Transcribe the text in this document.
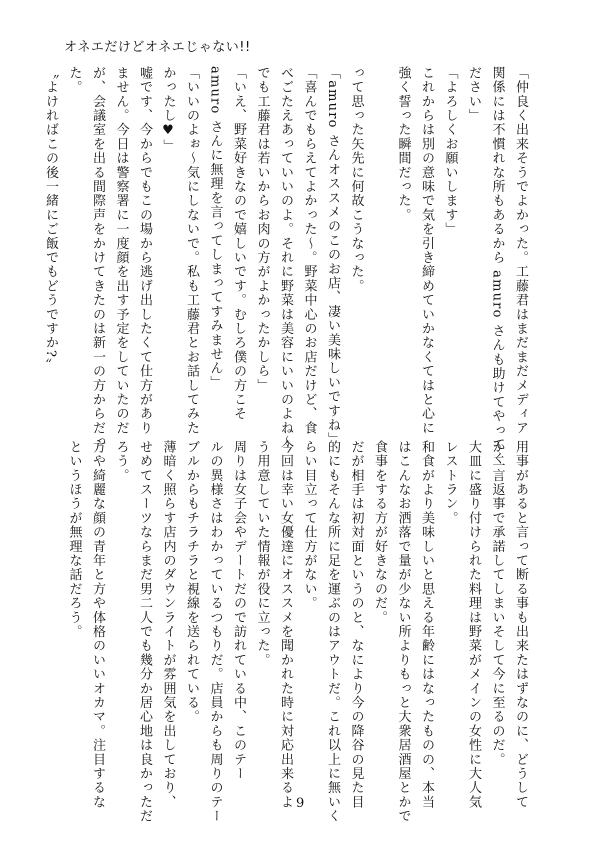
オネエだけどオネエじゃない!!
「仲良く出来そうでよかった。工藤君はまだまだメディア
関係には不慣れな所もあるから amuro さんも助けてやってく
ださい」
「よろしくお願いします」
これからは別の意味で気を引き締めていかなくてはと心に
強く誓った瞬間だった。
って思った矢先に何故こうなった。
「amuro さんオススメのこのお店、凄い美味しいですね」
「喜んでもらえてよかった〜。野菜中心のお店だけど、食
べごたえあっていいのよ。それに野菜は美容にいいのよね〜
でも工藤君は若いからお肉の方がよかったかしら」
「いえ、野菜好きなので嬉しいです。むしろ僕の方こそ
amuro さんに無理を言ってしまってすみません」
「いいのよぉ〜気にしないで。私も工藤君とお話してみた
かったし♥」
嘘です、今からでもこの場から逃げ出したくて仕方があり
ません。今日は警察署に一度顔を出す予定をしていたのだ
が、会議室を出る間際声をかけてきたのは新一の方からだっ
た。
〝よければこの後一緒にご飯でもどうですか?〟
用事があると言って断る事も出来たはずなのに、どうして
か二言返事で承諾してしまいそして今に至るのだ。
大皿に盛り付けられた料理は野菜がメインの女性に大人気
レストラン。
和食がより美味しいと思える年齢にはなったものの、本当
はこんなお洒落で量が少ない所よりもっと大衆居酒屋とかで
食事をする方が好きなのだ。
だが相手は初対面というのと、なにより今の降谷の見た目
的にもそんな所に足を運ぶのはアウトだ。これ以上に無いく
らい目立って仕方がない。
今回は幸い女優達にオススメを聞かれた時に対応出来るよ
う用意していた情報が役に立った。
周りは女子会やデートだので訪れている中、このテー
ルの異様さはわかっているつもりだ。店員からも周りのテー
ブルからもチラチラと視線を送られている。
薄暗く照らす店内のダウンライトが雰囲気を出しており、
せめてスーツならまだ男二人でも幾分か居心地は良かっただ
ろう。
方や綺麗な顔の青年と方や体格のいいオカマ。注目するな
というほうが無理な話だろう。
9
